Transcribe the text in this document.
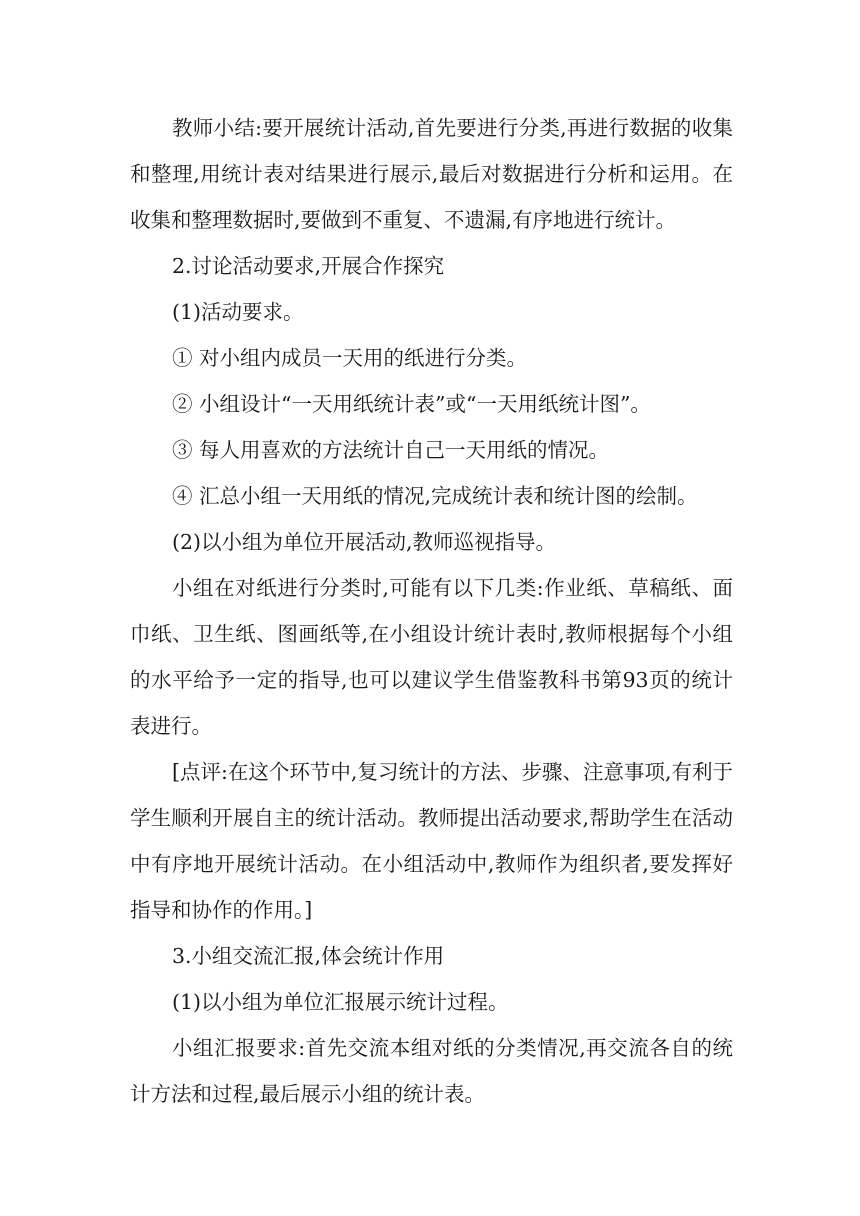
教师小结:要开展统计活动,首先要进行分类,再进行数据的收集和整理,用统计表对结果进行展示,最后对数据进行分析和运用。在收集和整理数据时,要做到不重复、不遗漏,有序地进行统计。

2.讨论活动要求,开展合作探究

(1)活动要求。

① 对小组内成员一天用的纸进行分类。

② 小组设计“一天用纸统计表”或“一天用纸统计图”。

③ 每人用喜欢的方法统计自己一天用纸的情况。

④ 汇总小组一天用纸的情况,完成统计表和统计图的绘制。

(2)以小组为单位开展活动,教师巡视指导。

小组在对纸进行分类时,可能有以下几类:作业纸、草稿纸、面巾纸、卫生纸、图画纸等,在小组设计统计表时,教师根据每个小组的水平给予一定的指导,也可以建议学生借鉴教科书第93页的统计表进行。

[点评:在这个环节中,复习统计的方法、步骤、注意事项,有利于学生顺利开展自主的统计活动。教师提出活动要求,帮助学生在活动中有序地开展统计活动。在小组活动中,教师作为组织者,要发挥好指导和协作的作用。]

3.小组交流汇报,体会统计作用

(1)以小组为单位汇报展示统计过程。

小组汇报要求:首先交流本组对纸的分类情况,再交流各自的统计方法和过程,最后展示小组的统计表。
